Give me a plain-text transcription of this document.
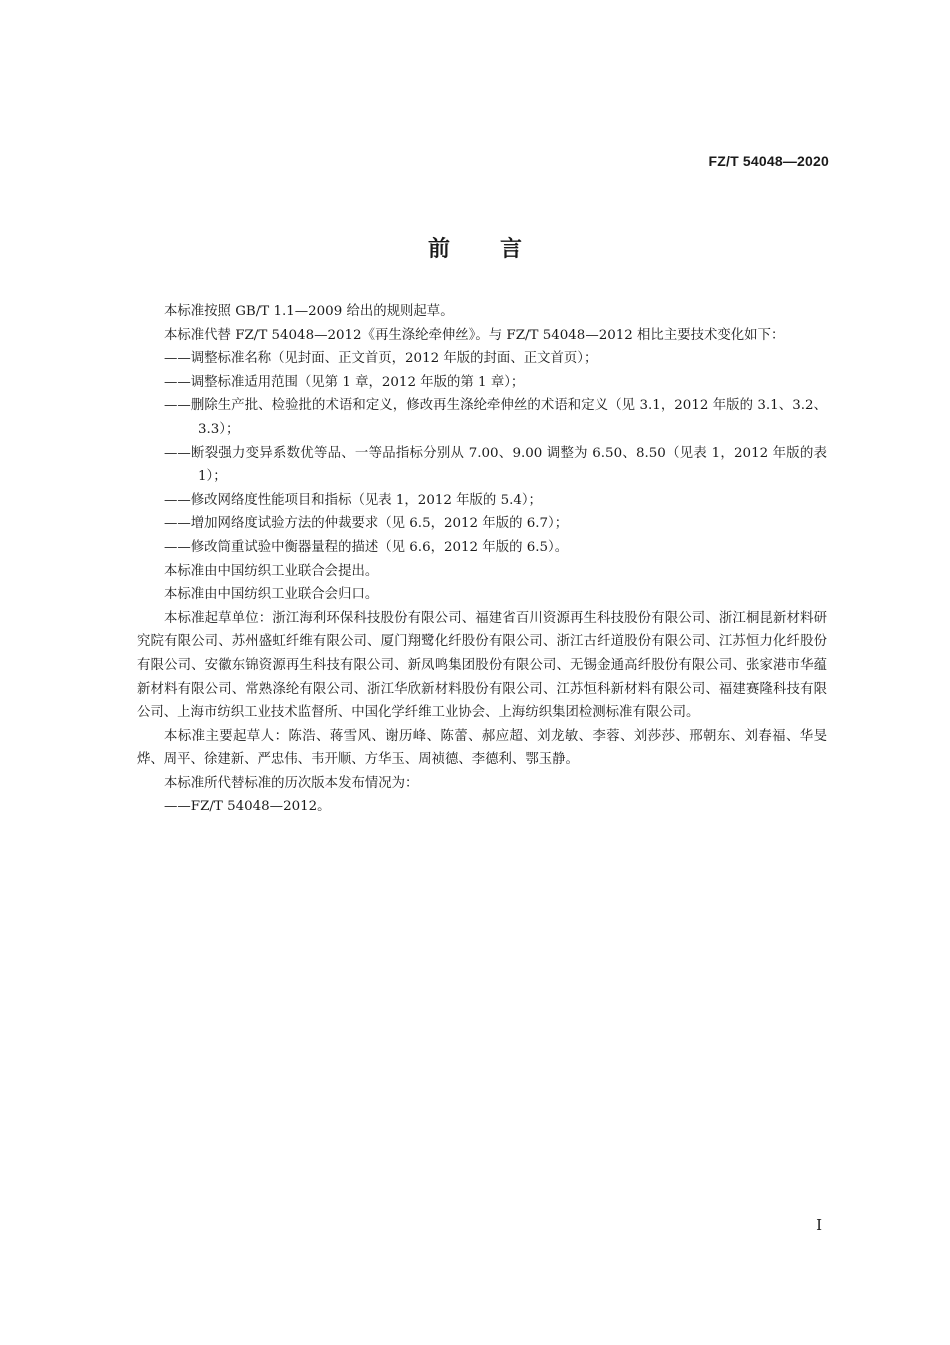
FZ/T 54048—2020
前言

本标准按照 GB/T 1.1—2009 给出的规则起草。

本标准代替 FZ/T 54048—2012《再生涤纶牵伸丝》。与 FZ/T 54048—2012 相比主要技术变化如下：

——调整标准名称（见封面、正文首页，2012 年版的封面、正文首页）；

——调整标准适用范围（见第 1 章，2012 年版的第 1 章）；

——删除生产批、检验批的术语和定义，修改再生涤纶牵伸丝的术语和定义（见 3.1，2012 年版的 3.1、3.2、3.3）；

——断裂强力变异系数优等品、一等品指标分别从 7.00、9.00 调整为 6.50、8.50（见表 1，2012 年版的表 1）；

——修改网络度性能项目和指标（见表 1，2012 年版的 5.4）；

——增加网络度试验方法的仲裁要求（见 6.5，2012 年版的 6.7）；

——修改筒重试验中衡器量程的描述（见 6.6，2012 年版的 6.5）。

本标准由中国纺织工业联合会提出。

本标准由中国纺织工业联合会归口。

本标准起草单位：浙江海利环保科技股份有限公司、福建省百川资源再生科技股份有限公司、浙江桐昆新材料研究院有限公司、苏州盛虹纤维有限公司、厦门翔鹭化纤股份有限公司、浙江古纤道股份有限公司、江苏恒力化纤股份有限公司、安徽东锦资源再生科技有限公司、新凤鸣集团股份有限公司、无锡金通高纤股份有限公司、张家港市华蕴新材料有限公司、常熟涤纶有限公司、浙江华欣新材料股份有限公司、江苏恒科新材料有限公司、福建赛隆科技有限公司、上海市纺织工业技术监督所、中国化学纤维工业协会、上海纺织集团检测标准有限公司。

本标准主要起草人：陈浩、蒋雪风、谢历峰、陈蕾、郝应超、刘龙敏、李蓉、刘莎莎、邢朝东、刘春福、华旻烨、周平、徐建新、严忠伟、韦开顺、方华玉、周祯德、李德利、鄂玉静。

本标准所代替标准的历次版本发布情况为：

——FZ/T 54048—2012。

I
